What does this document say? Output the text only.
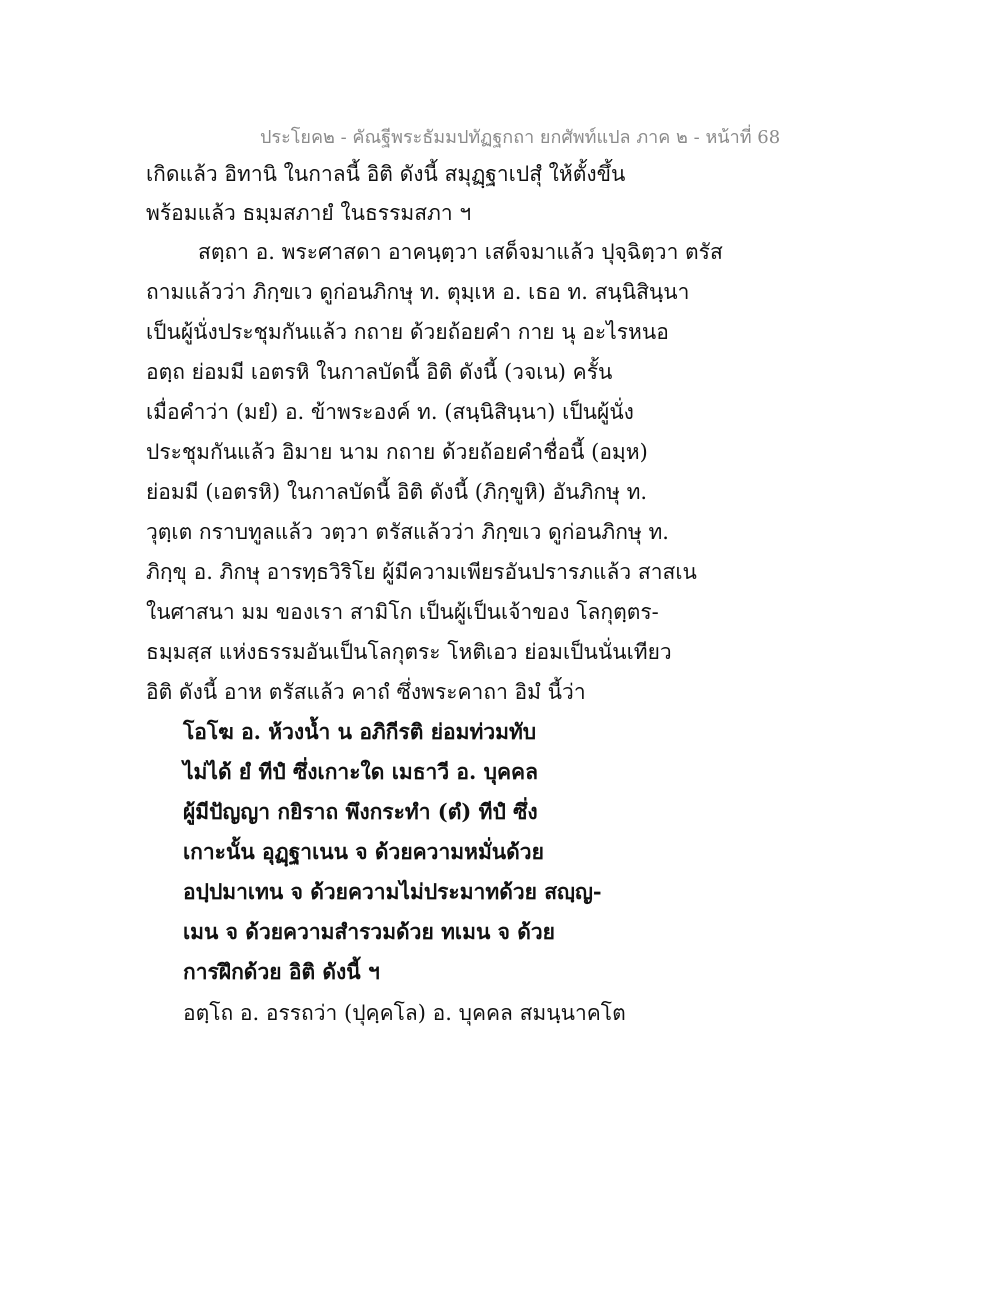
ประโยค๒ - คัณฐีพระธัมมปทัฏฐกถา ยกศัพท์แปล ภาค ๒ - หน้าที่ 68
เกิดแล้ว อิทานิ ในกาลนี้ อิติ ดังนี้ สมุฏฺฐาเปสุํ ให้ตั้งขึ้น
พร้อมแล้ว ธมฺมสภายํ ในธรรมสภา ฯ
สตฺถา อ. พระศาสดา อาคนฺตฺวา เสด็จมาแล้ว ปุจฺฉิตฺวา ตรัส
ถามแล้วว่า ภิกฺขเว ดูก่อนภิกษุ ท. ตุมฺเห อ. เธอ ท. สนฺนิสินฺนา
เป็นผู้นั่งประชุมกันแล้ว กถาย ด้วยถ้อยคำ กาย นุ อะไรหนอ
อตฺถ ย่อมมี เอตรหิ ในกาลบัดนี้ อิติ ดังนี้ (วจเน) ครั้น
เมื่อคำว่า (มยํ) อ. ข้าพระองค์ ท. (สนฺนิสินฺนา) เป็นผู้นั่ง
ประชุมกันแล้ว อิมาย นาม กถาย ด้วยถ้อยคำชื่อนี้ (อมฺห)
ย่อมมี (เอตรหิ) ในกาลบัดนี้ อิติ ดังนี้ (ภิกฺขูหิ) อันภิกษุ ท.
วุตฺเต กราบทูลแล้ว วตฺวา ตรัสแล้วว่า ภิกฺขเว ดูก่อนภิกษุ ท.
ภิกฺขุ อ. ภิกษุ อารทฺธวิริโย ผู้มีความเพียรอันปรารภแล้ว สาสเน
ในศาสนา มม ของเรา สามิโก เป็นผู้เป็นเจ้าของ โลกุตฺตร-
ธมฺมสฺส แห่งธรรมอันเป็นโลกุตระ โหติเอว ย่อมเป็นนั่นเทียว
อิติ ดังนี้ อาห ตรัสแล้ว คาถํ ซึ่งพระคาถา อิมํ นี้ว่า
โอโฆ อ. ห้วงน้ำ น อภิกีรติ ย่อมท่วมทับ
ไม่ได้ ยํ ทีปํ ซึ่งเกาะใด เมธาวี อ. บุคคล
ผู้มีปัญญา กยิราถ พึงกระทำ (ตํ) ทีปํ ซึ่ง
เกาะนั้น อุฏฺฐาเนน จ ด้วยความหมั่นด้วย
อปฺปมาเทน จ ด้วยความไม่ประมาทด้วย สญฺญ-
เมน จ ด้วยความสำรวมด้วย ทเมน จ ด้วย
การฝึกด้วย อิติ ดังนี้ ฯ
อตฺโถ อ. อรรถว่า (ปุคฺคโล) อ. บุคคล สมนฺนาคโต
